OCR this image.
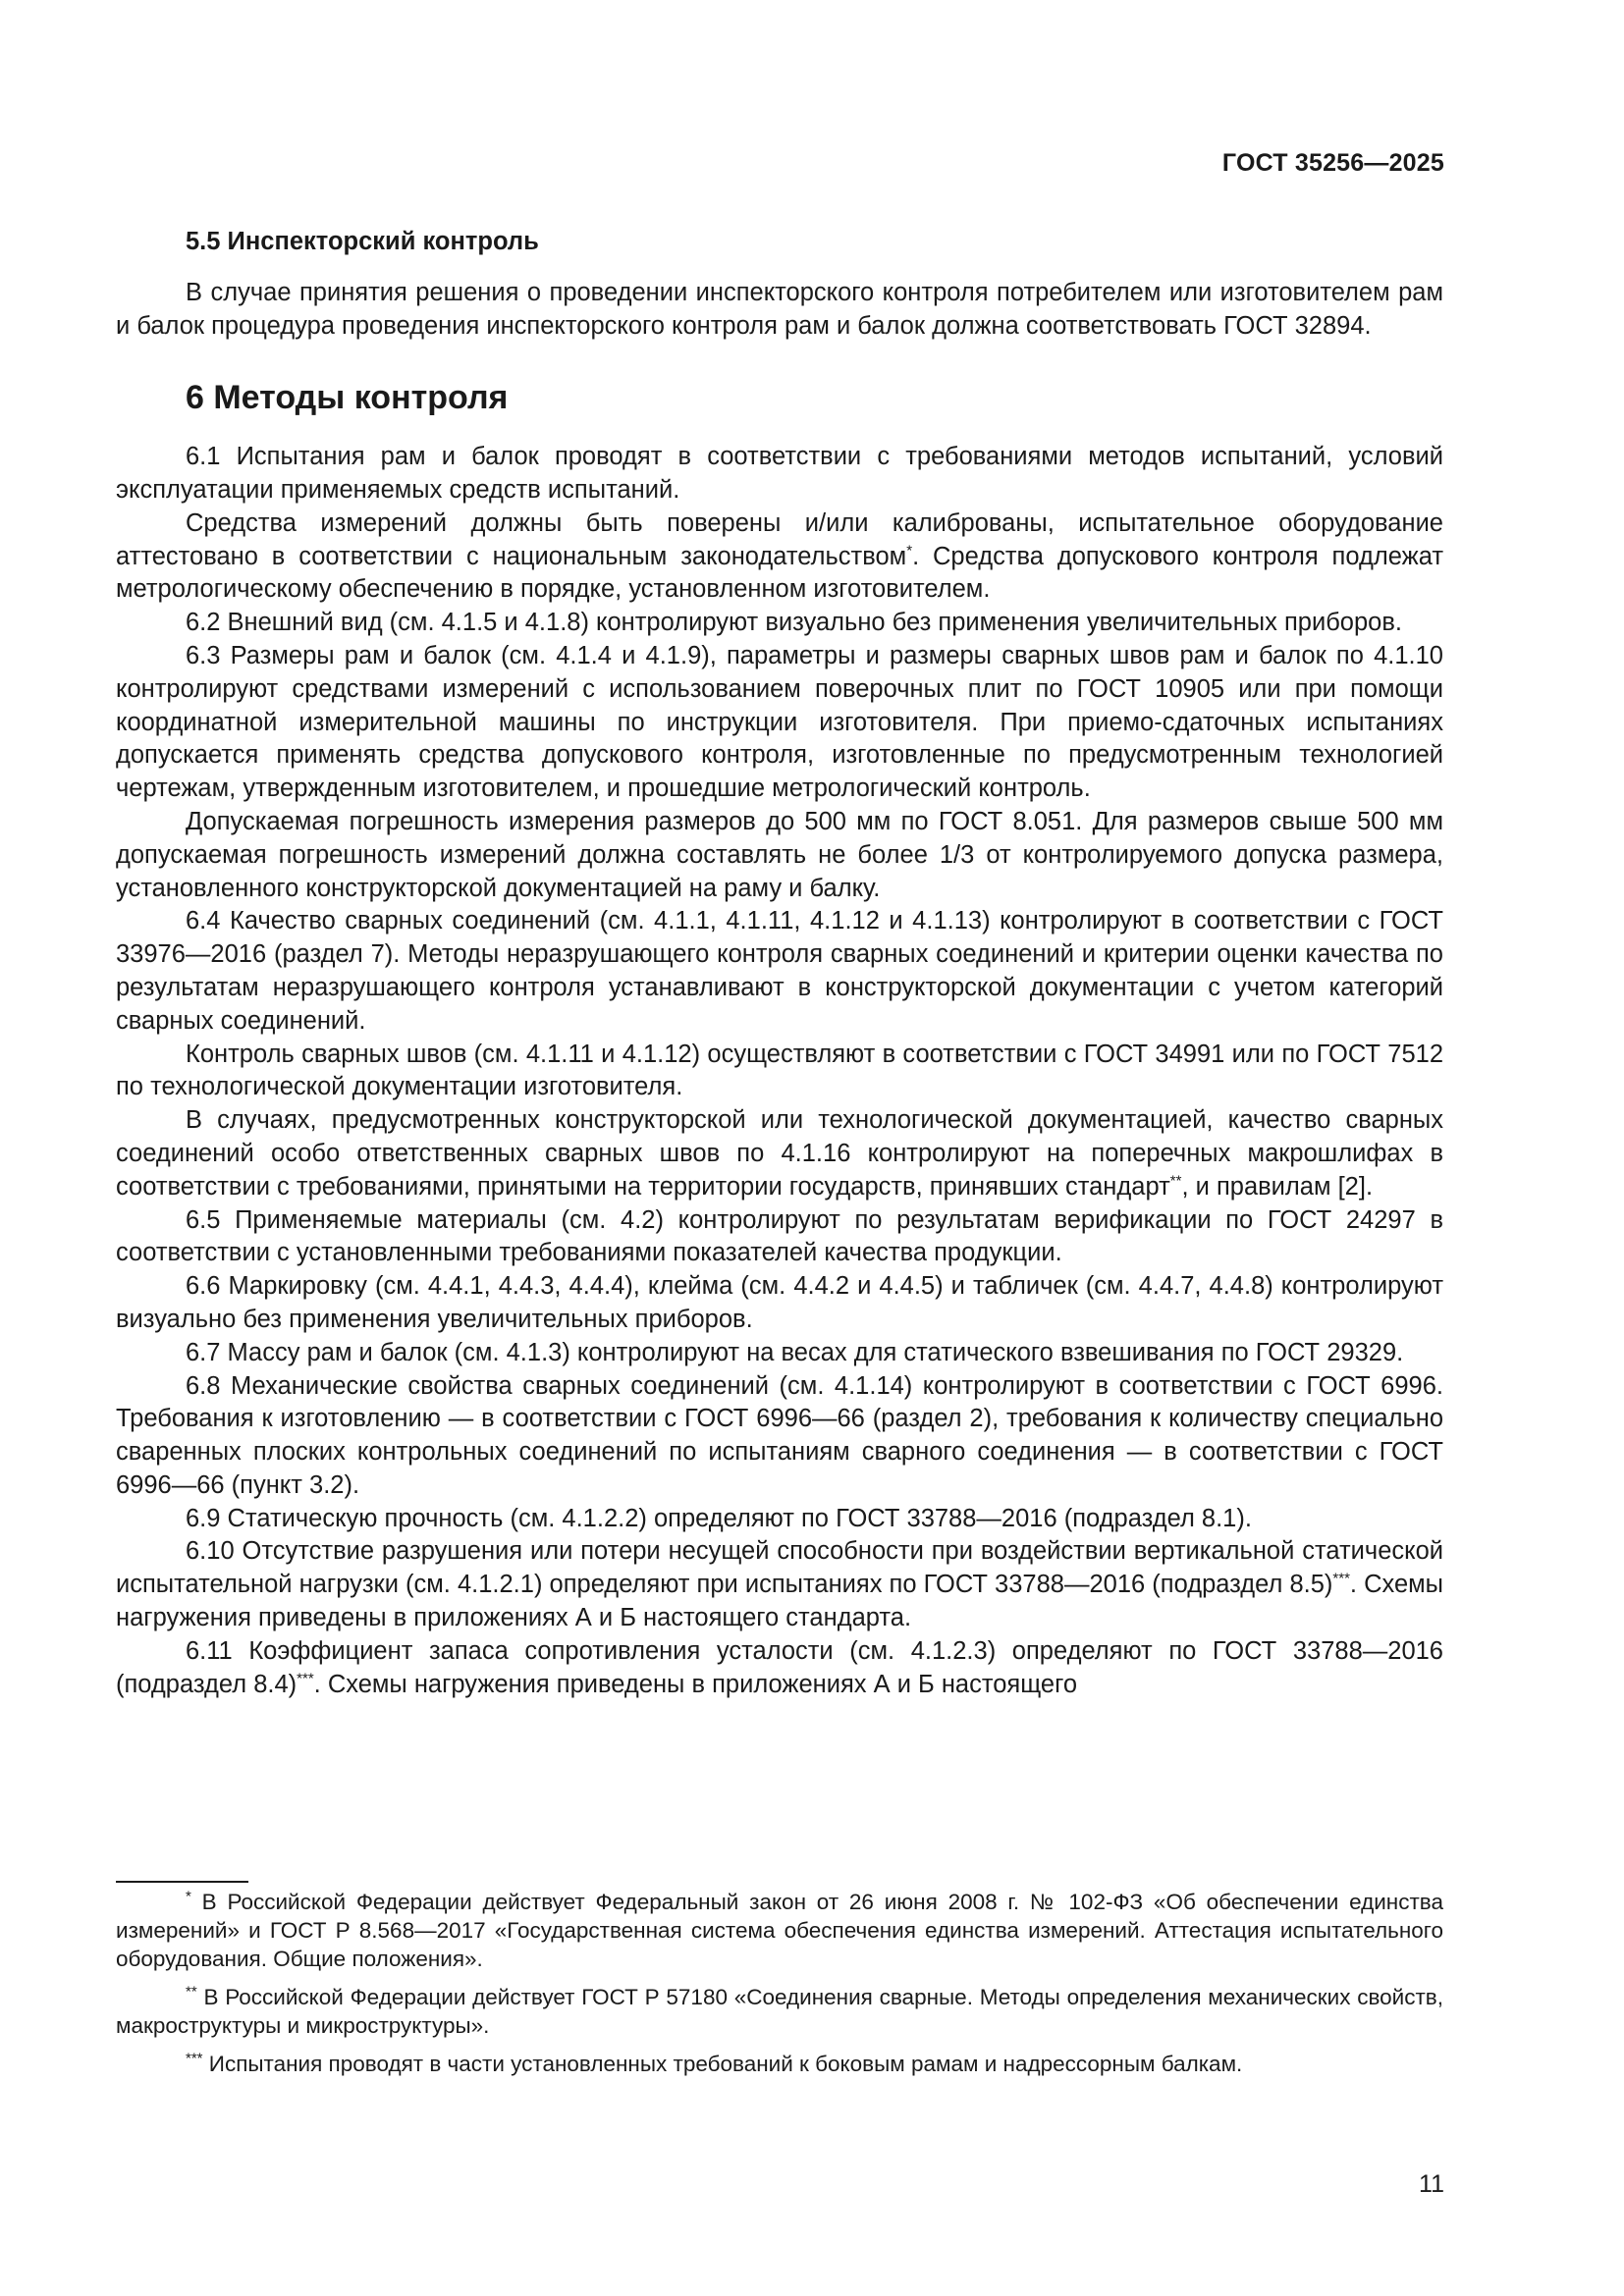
ГОСТ 35256—2025
5.5 Инспекторский контроль

В случае принятия решения о проведении инспекторского контроля потребителем или изготовителем рам и балок процедура проведения инспекторского контроля рам и балок должна соответствовать ГОСТ 32894.

6 Методы контроля

6.1 Испытания рам и балок проводят в соответствии с требованиями методов испытаний, условий эксплуатации применяемых средств испытаний.

Средства измерений должны быть поверены и/или калиброваны, испытательное оборудование аттестовано в соответствии с национальным законодательством*. Средства допускового контроля подлежат метрологическому обеспечению в порядке, установленном изготовителем.

6.2 Внешний вид (см. 4.1.5 и 4.1.8) контролируют визуально без применения увеличительных приборов.

6.3 Размеры рам и балок (см. 4.1.4 и 4.1.9), параметры и размеры сварных швов рам и балок по 4.1.10 контролируют средствами измерений с использованием поверочных плит по ГОСТ 10905 или при помощи координатной измерительной машины по инструкции изготовителя. При приемо-сдаточных испытаниях допускается применять средства допускового контроля, изготовленные по предусмотренным технологией чертежам, утвержденным изготовителем, и прошедшие метрологический контроль.

Допускаемая погрешность измерения размеров до 500 мм по ГОСТ 8.051. Для размеров свыше 500 мм допускаемая погрешность измерений должна составлять не более 1/3 от контролируемого допуска размера, установленного конструкторской документацией на раму и балку.

6.4 Качество сварных соединений (см. 4.1.1, 4.1.11, 4.1.12 и 4.1.13) контролируют в соответствии с ГОСТ 33976—2016 (раздел 7). Методы неразрушающего контроля сварных соединений и критерии оценки качества по результатам неразрушающего контроля устанавливают в конструкторской документации с учетом категорий сварных соединений.

Контроль сварных швов (см. 4.1.11 и 4.1.12) осуществляют в соответствии с ГОСТ 34991 или по ГОСТ 7512 по технологической документации изготовителя.

В случаях, предусмотренных конструкторской или технологической документацией, качество сварных соединений особо ответственных сварных швов по 4.1.16 контролируют на поперечных макрошлифах в соответствии с требованиями, принятыми на территории государств, принявших стандарт**, и правилам [2].

6.5 Применяемые материалы (см. 4.2) контролируют по результатам верификации по ГОСТ 24297 в соответствии с установленными требованиями показателей качества продукции.

6.6 Маркировку (см. 4.4.1, 4.4.3, 4.4.4), клейма (см. 4.4.2 и 4.4.5) и табличек (см. 4.4.7, 4.4.8) контролируют визуально без применения увеличительных приборов.

6.7 Массу рам и балок (см. 4.1.3) контролируют на весах для статического взвешивания по ГОСТ 29329.

6.8 Механические свойства сварных соединений (см. 4.1.14) контролируют в соответствии с ГОСТ 6996. Требования к изготовлению — в соответствии с ГОСТ 6996—66 (раздел 2), требования к количеству специально сваренных плоских контрольных соединений по испытаниям сварного соединения — в соответствии с ГОСТ 6996—66 (пункт 3.2).

6.9 Статическую прочность (см. 4.1.2.2) определяют по ГОСТ 33788—2016 (подраздел 8.1).

6.10 Отсутствие разрушения или потери несущей способности при воздействии вертикальной статической испытательной нагрузки (см. 4.1.2.1) определяют при испытаниях по ГОСТ 33788—2016 (подраздел 8.5)***. Схемы нагружения приведены в приложениях А и Б настоящего стандарта.

6.11 Коэффициент запаса сопротивления усталости (см. 4.1.2.3) определяют по ГОСТ 33788—2016 (подраздел 8.4)***. Схемы нагружения приведены в приложениях А и Б настоящего

* В Российской Федерации действует Федеральный закон от 26 июня 2008 г. № 102-ФЗ «Об обеспечении единства измерений» и ГОСТ Р 8.568—2017 «Государственная система обеспечения единства измерений. Аттестация испытательного оборудования. Общие положения».

** В Российской Федерации действует ГОСТ Р 57180 «Соединения сварные. Методы определения механических свойств, макроструктуры и микроструктуры».

*** Испытания проводят в части установленных требований к боковым рамам и надрессорным балкам.

11
